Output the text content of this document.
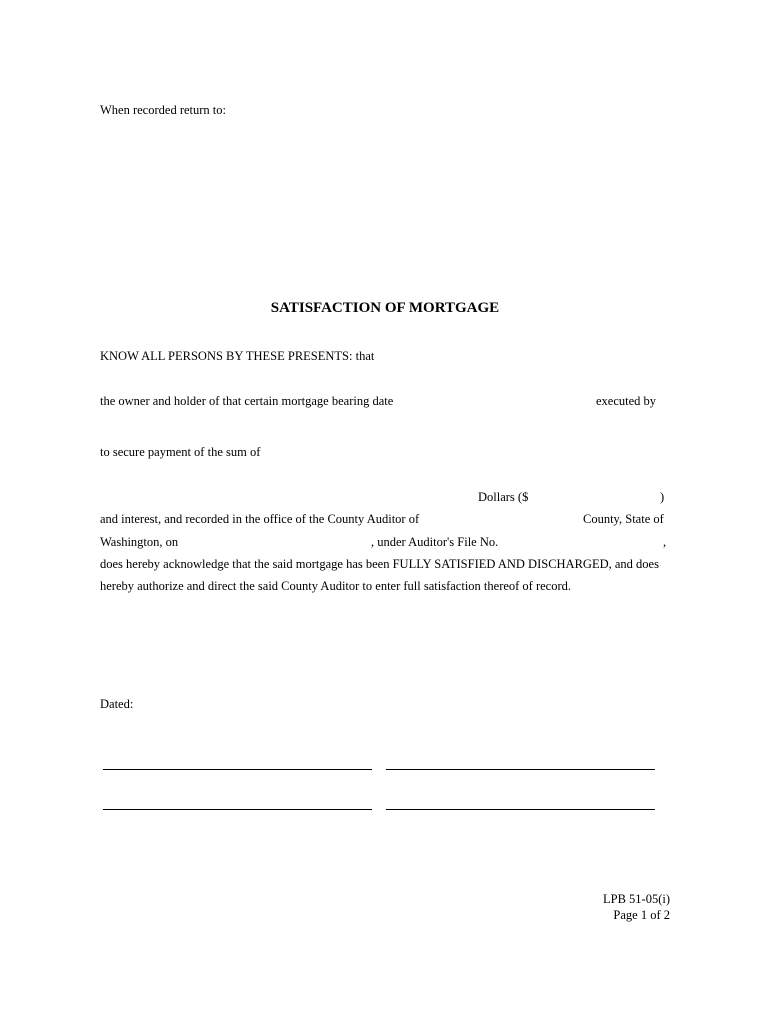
When recorded return to:
SATISFACTION OF MORTGAGE
KNOW ALL PERSONS BY THESE PRESENTS: that
the owner and holder of that certain mortgage bearing date	executed by
to secure payment of the sum of
Dollars ($	)
and interest, and recorded in the office of the County Auditor of	County, State of
Washington, on	, under Auditor's File No.	,
does hereby acknowledge that the said mortgage has been FULLY SATISFIED AND DISCHARGED, and does
hereby authorize and direct the said County Auditor to enter full satisfaction thereof of record.
Dated:
LPB 51-05(i)
Page 1 of 2
